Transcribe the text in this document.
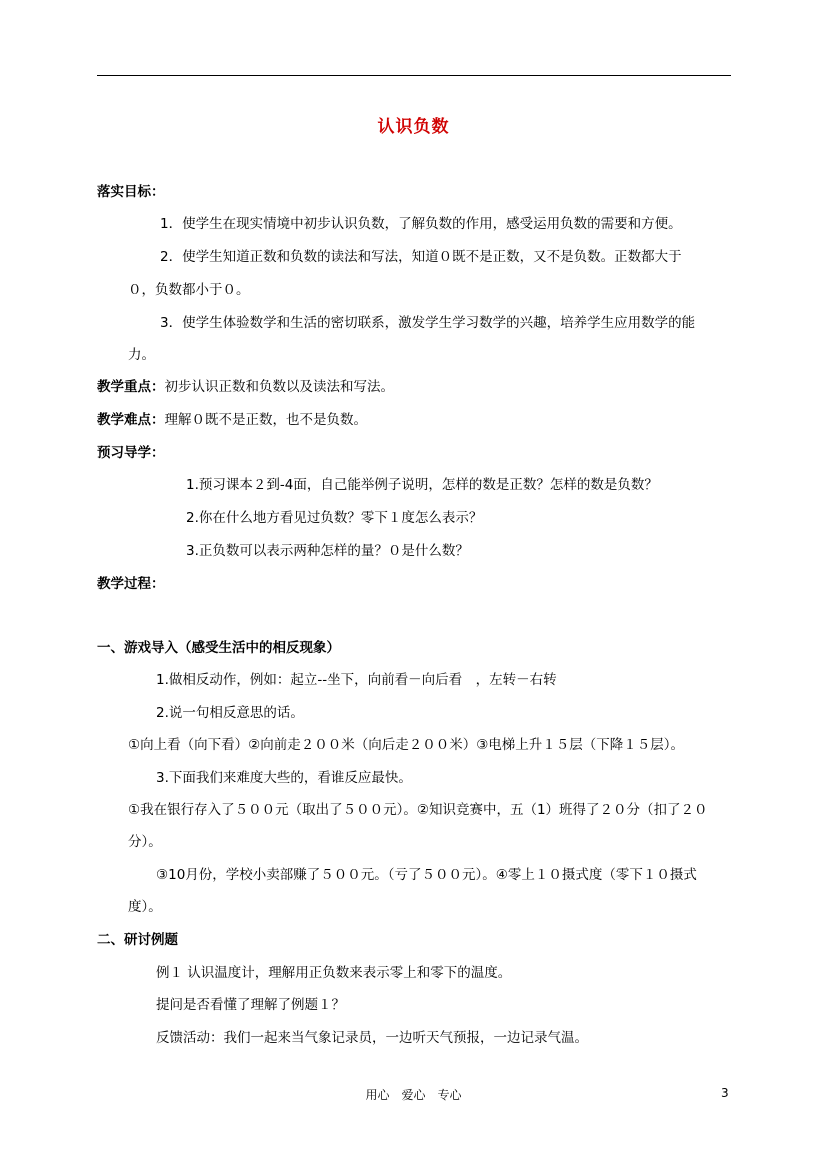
认识负数
落实目标：
1．使学生在现实情境中初步认识负数，了解负数的作用，感受运用负数的需要和方便。
2．使学生知道正数和负数的读法和写法，知道０既不是正数，又不是负数。正数都大于
０，负数都小于０。
3．使学生体验数学和生活的密切联系，激发学生学习数学的兴趣，培养学生应用数学的能
力。
教学重点：初步认识正数和负数以及读法和写法。
教学难点：理解０既不是正数，也不是负数。
预习导学：
1.预习课本２到-4面，自己能举例子说明，怎样的数是正数？怎样的数是负数？
2.你在什么地方看见过负数？零下１度怎么表示？
3.正负数可以表示两种怎样的量？０是什么数？
教学过程：
一、游戏导入（感受生活中的相反现象）
1.做相反动作，例如：起立--坐下，向前看－向后看　，左转－右转
2.说一句相反意思的话。
①向上看（向下看）②向前走２００米（向后走２００米）③电梯上升１５层（下降１５层）。
3.下面我们来难度大些的，看谁反应最快。
①我在银行存入了５００元（取出了５００元）。②知识竞赛中，五（1）班得了２０分（扣了２０
分）。
③10月份，学校小卖部赚了５００元。（亏了５００元）。④零上１０摄式度（零下１０摄式
度）。
二、研讨例题
例１ 认识温度计，理解用正负数来表示零上和零下的温度。
提问是否看懂了理解了例题１？
反馈活动：我们一起来当气象记录员，一边听天气预报，一边记录气温。
用心　爱心　专心	3
